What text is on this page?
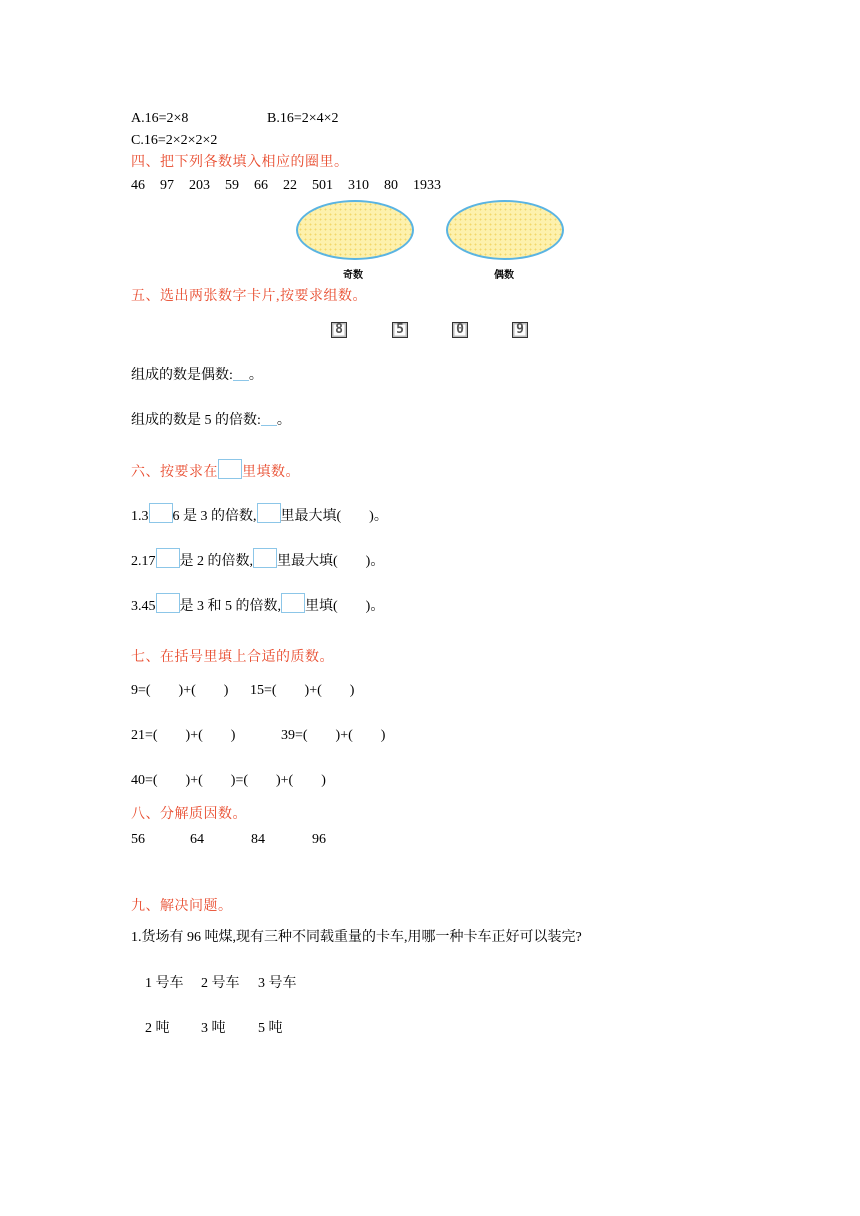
A.16=2×8	B.16=2×4×2
C.16=2×2×2×2
四、把下列各数填入相应的圈里。
46 97 203 59 66 22 501 310 80 1933
奇数	偶数
五、选出两张数字卡片,按要求组数。
8	5	0	9
组成的数是偶数: 。
组成的数是 5 的倍数: 。
六、按要求在 里填数。
1.3 6 是 3 的倍数, 里最大填(　　)。
2.17 是 2 的倍数, 里最大填(　　)。
3.45 是 3 和 5 的倍数, 里填(　　)。
七、在括号里填上合适的质数。
9=(　　)+(　　) 15=(　　)+(　　)
21=(　　)+(　　)	39=(　　)+(　　)
40=(　　)+(　　)=(　　)+(　　)
八、分解质因数。
56	64	84	96
九、解决问题。
1.货场有 96 吨煤,现有三种不同载重量的卡车,用哪一种卡车正好可以装完?
1 号车 2 号车 3 号车
2 吨 3 吨 5 吨
